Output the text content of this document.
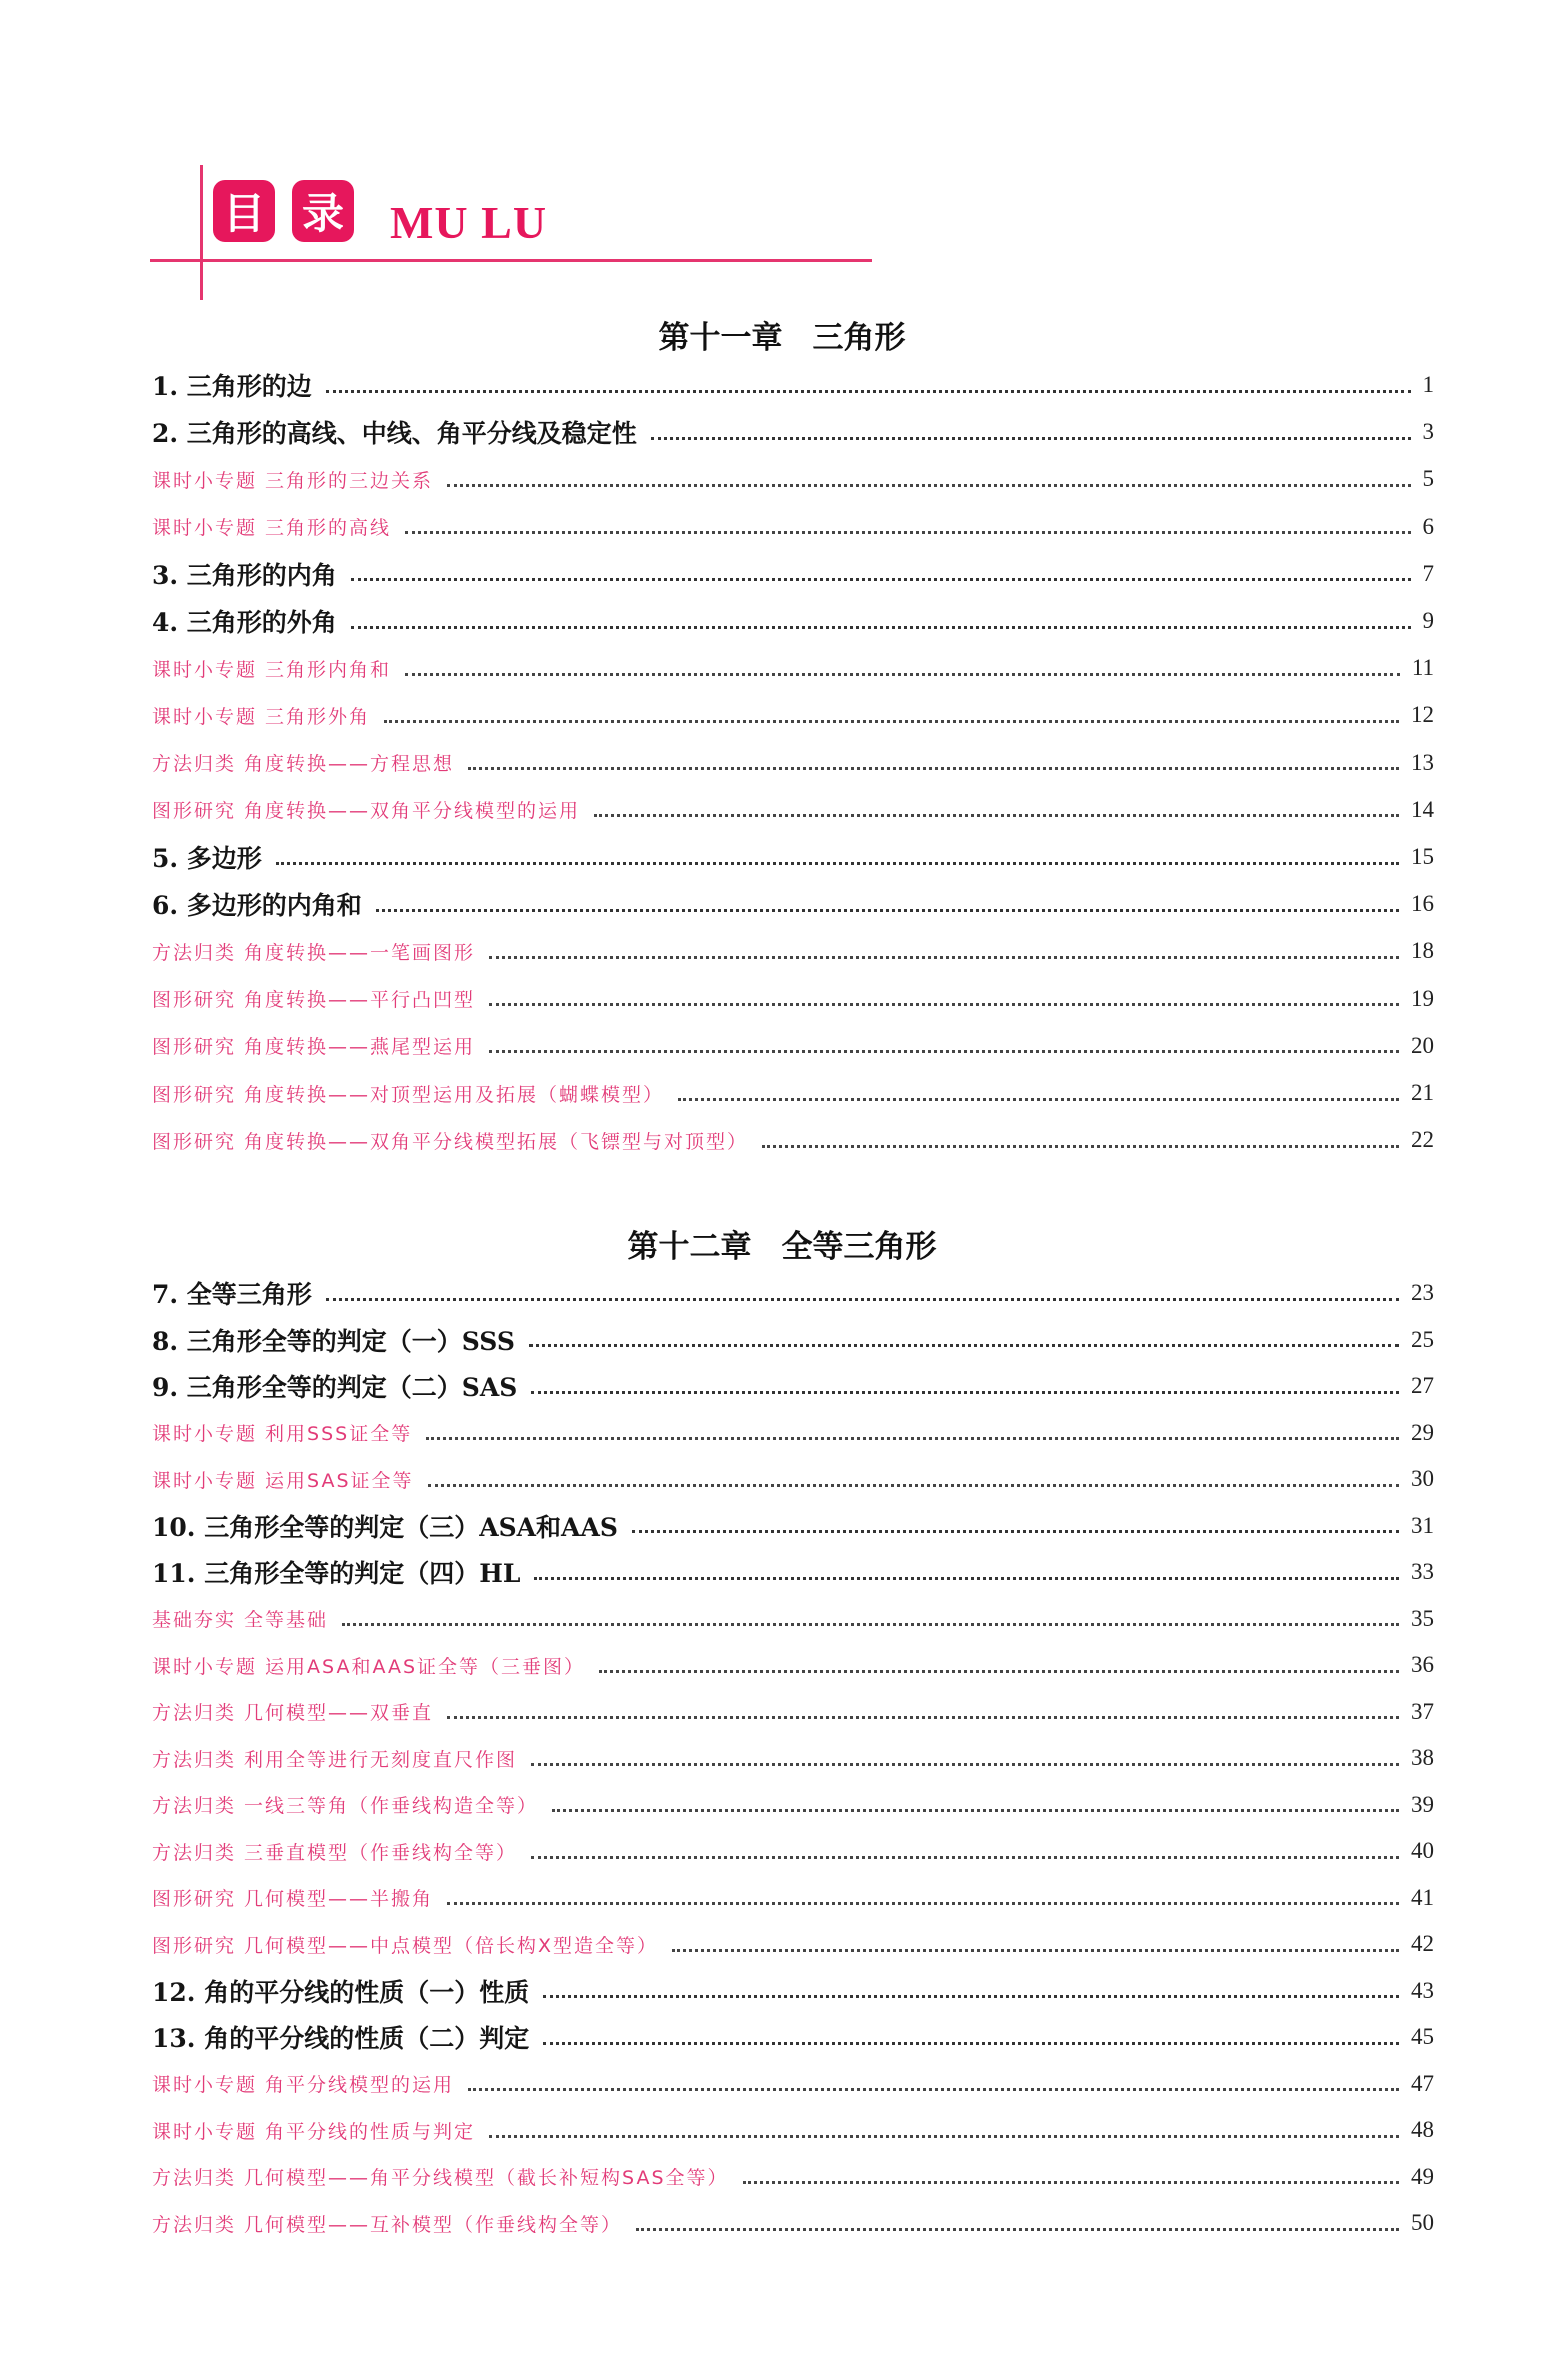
目 录 MU LU
第十一章 三角形
1. 三角形的边	1
2. 三角形的高线、中线、角平分线及稳定性	3
课时小专题 三角形的三边关系	5
课时小专题 三角形的高线	6
3. 三角形的内角	7
4. 三角形的外角	9
课时小专题 三角形内角和	11
课时小专题 三角形外角	12
方法归类 角度转换——方程思想	13
图形研究 角度转换——双角平分线模型的运用	14
5. 多边形	15
6. 多边形的内角和	16
方法归类 角度转换——一笔画图形	18
图形研究 角度转换——平行凸凹型	19
图形研究 角度转换——燕尾型运用	20
图形研究 角度转换——对顶型运用及拓展（蝴蝶模型）	21
图形研究 角度转换——双角平分线模型拓展（飞镖型与对顶型）	22
第十二章 全等三角形
7. 全等三角形	23
8. 三角形全等的判定（一）SSS	25
9. 三角形全等的判定（二）SAS	27
课时小专题 利用SSS证全等	29
课时小专题 运用SAS证全等	30
10. 三角形全等的判定（三）ASA和AAS	31
11. 三角形全等的判定（四）HL	33
基础夯实 全等基础	35
课时小专题 运用ASA和AAS证全等（三垂图）	36
方法归类 几何模型——双垂直	37
方法归类 利用全等进行无刻度直尺作图	38
方法归类 一线三等角（作垂线构造全等）	39
方法归类 三垂直模型（作垂线构全等）	40
图形研究 几何模型——半搬角	41
图形研究 几何模型——中点模型（倍长构X型造全等）	42
12. 角的平分线的性质（一）性质	43
13. 角的平分线的性质（二）判定	45
课时小专题 角平分线模型的运用	47
课时小专题 角平分线的性质与判定	48
方法归类 几何模型——角平分线模型（截长补短构SAS全等）	49
方法归类 几何模型——互补模型（作垂线构全等）	50
